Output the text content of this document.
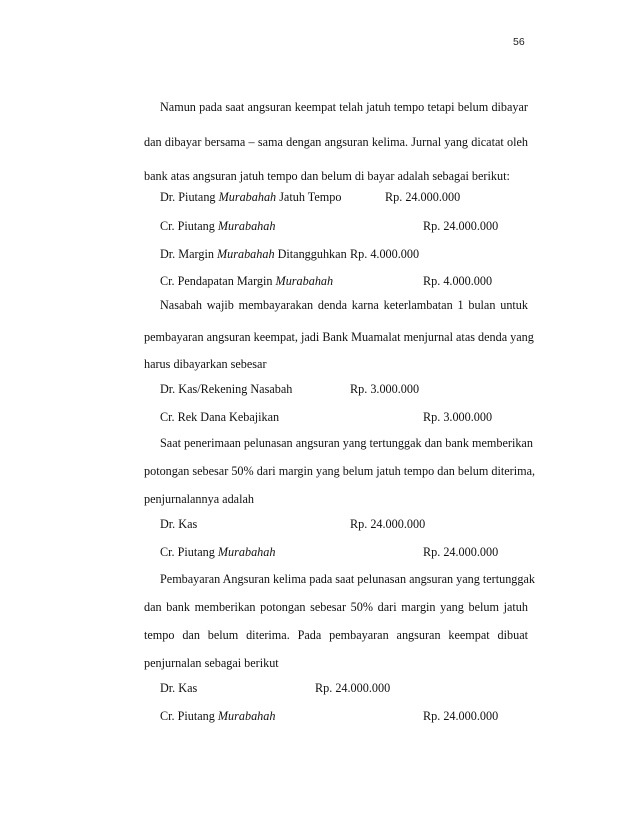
56
Namun pada saat angsuran keempat telah jatuh tempo tetapi belum dibayar
dan dibayar bersama – sama dengan angsuran kelima. Jurnal yang dicatat oleh
bank atas angsuran jatuh tempo dan belum di bayar adalah sebagai berikut:
Dr. Piutang Murabahah Jatuh Tempo	Rp. 24.000.000
Cr. Piutang Murabahah	Rp. 24.000.000
Dr. Margin Murabahah Ditangguhkan Rp. 4.000.000
Cr. Pendapatan Margin Murabahah	Rp. 4.000.000
Nasabah wajib membayarakan denda karna keterlambatan 1 bulan untuk
pembayaran angsuran keempat, jadi Bank Muamalat menjurnal atas denda yang
harus dibayarkan sebesar
Dr. Kas/Rekening Nasabah	Rp. 3.000.000
Cr. Rek Dana Kebajikan	Rp. 3.000.000
Saat penerimaan pelunasan angsuran yang tertunggak dan bank memberikan
potongan sebesar 50% dari margin yang belum jatuh tempo dan belum diterima,
penjurnalannya adalah
Dr. Kas	Rp. 24.000.000
Cr. Piutang Murabahah	Rp. 24.000.000
Pembayaran Angsuran kelima pada saat pelunasan angsuran yang tertunggak
dan bank memberikan potongan sebesar 50% dari margin yang belum jatuh
tempo dan belum diterima. Pada pembayaran angsuran keempat dibuat
penjurnalan sebagai berikut
Dr. Kas	Rp. 24.000.000
Cr. Piutang Murabahah	Rp. 24.000.000
